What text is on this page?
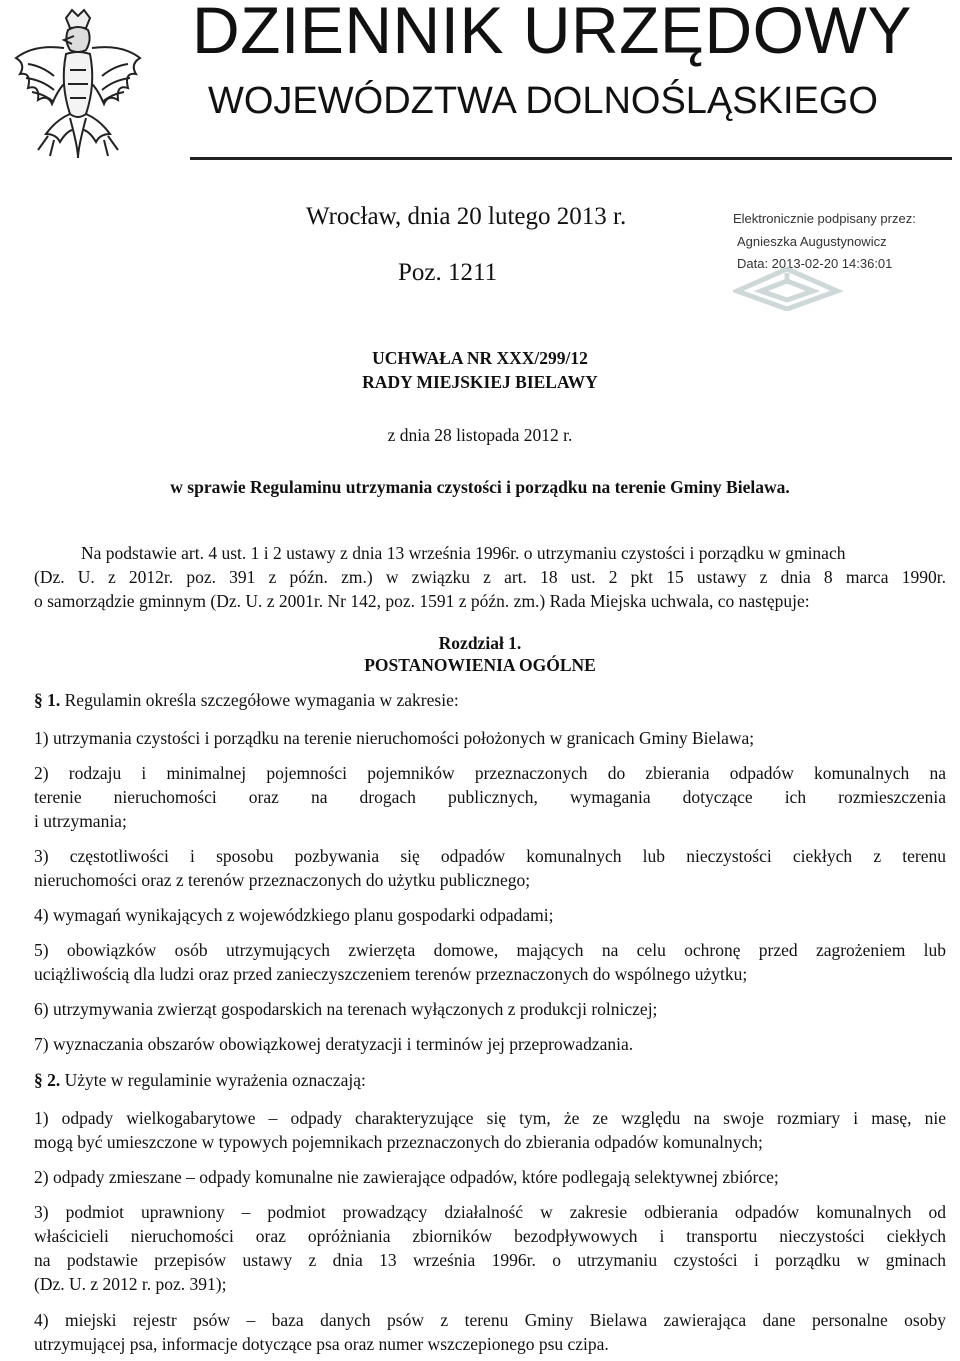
DZIENNIK URZĘDOWY
WOJEWÓDZTWA DOLNOŚLĄSKIEGO
Wrocław, dnia 20 lutego 2013 r.
Poz. 1211
Elektronicznie podpisany przez:
Agnieszka Augustynowicz
Data: 2013-02-20 14:36:01
UCHWAŁA NR XXX/299/12
RADY MIEJSKIEJ BIELAWY
z dnia 28 listopada 2012 r.
w sprawie Regulaminu utrzymania czystości i porządku na terenie Gminy Bielawa.
Na podstawie art. 4 ust. 1 i 2 ustawy z dnia 13 września 1996r. o utrzymaniu czystości i porządku w gminach
(Dz. U. z 2012r. poz. 391 z późn. zm.) w związku z art. 18 ust. 2 pkt 15 ustawy z dnia 8 marca 1990r.
o samorządzie gminnym (Dz. U. z 2001r. Nr 142, poz. 1591 z późn. zm.) Rada Miejska uchwala, co następuje:
Rozdział 1.
POSTANOWIENIA OGÓLNE
§ 1. Regulamin określa szczegółowe wymagania w zakresie:
1) utrzymania czystości i porządku na terenie nieruchomości położonych w granicach Gminy Bielawa;
2) rodzaju i minimalnej pojemności pojemników przeznaczonych do zbierania odpadów komunalnych na
terenie nieruchomości oraz na drogach publicznych, wymagania dotyczące ich rozmieszczenia
i utrzymania;
3) częstotliwości i sposobu pozbywania się odpadów komunalnych lub nieczystości ciekłych z terenu
nieruchomości oraz z terenów przeznaczonych do użytku publicznego;
4) wymagań wynikających z wojewódzkiego planu gospodarki odpadami;
5) obowiązków osób utrzymujących zwierzęta domowe, mających na celu ochronę przed zagrożeniem lub
uciążliwością dla ludzi oraz przed zanieczyszczeniem terenów przeznaczonych do wspólnego użytku;
6) utrzymywania zwierząt gospodarskich na terenach wyłączonych z produkcji rolniczej;
7) wyznaczania obszarów obowiązkowej deratyzacji i terminów jej przeprowadzania.
§ 2. Użyte w regulaminie wyrażenia oznaczają:
1) odpady wielkogabarytowe – odpady charakteryzujące się tym, że ze względu na swoje rozmiary i masę, nie
mogą być umieszczone w typowych pojemnikach przeznaczonych do zbierania odpadów komunalnych;
2) odpady zmieszane – odpady komunalne nie zawierające odpadów, które podlegają selektywnej zbiórce;
3) podmiot uprawniony – podmiot prowadzący działalność w zakresie odbierania odpadów komunalnych od
właścicieli nieruchomości oraz opróżniania zbiorników bezodpływowych i transportu nieczystości ciekłych
na podstawie przepisów ustawy z dnia 13 września 1996r. o utrzymaniu czystości i porządku w gminach
(Dz. U. z 2012 r. poz. 391);
4) miejski rejestr psów – baza danych psów z terenu Gminy Bielawa zawierająca dane personalne osoby
utrzymującej psa, informacje dotyczące psa oraz numer wszczepionego psu czipa.
